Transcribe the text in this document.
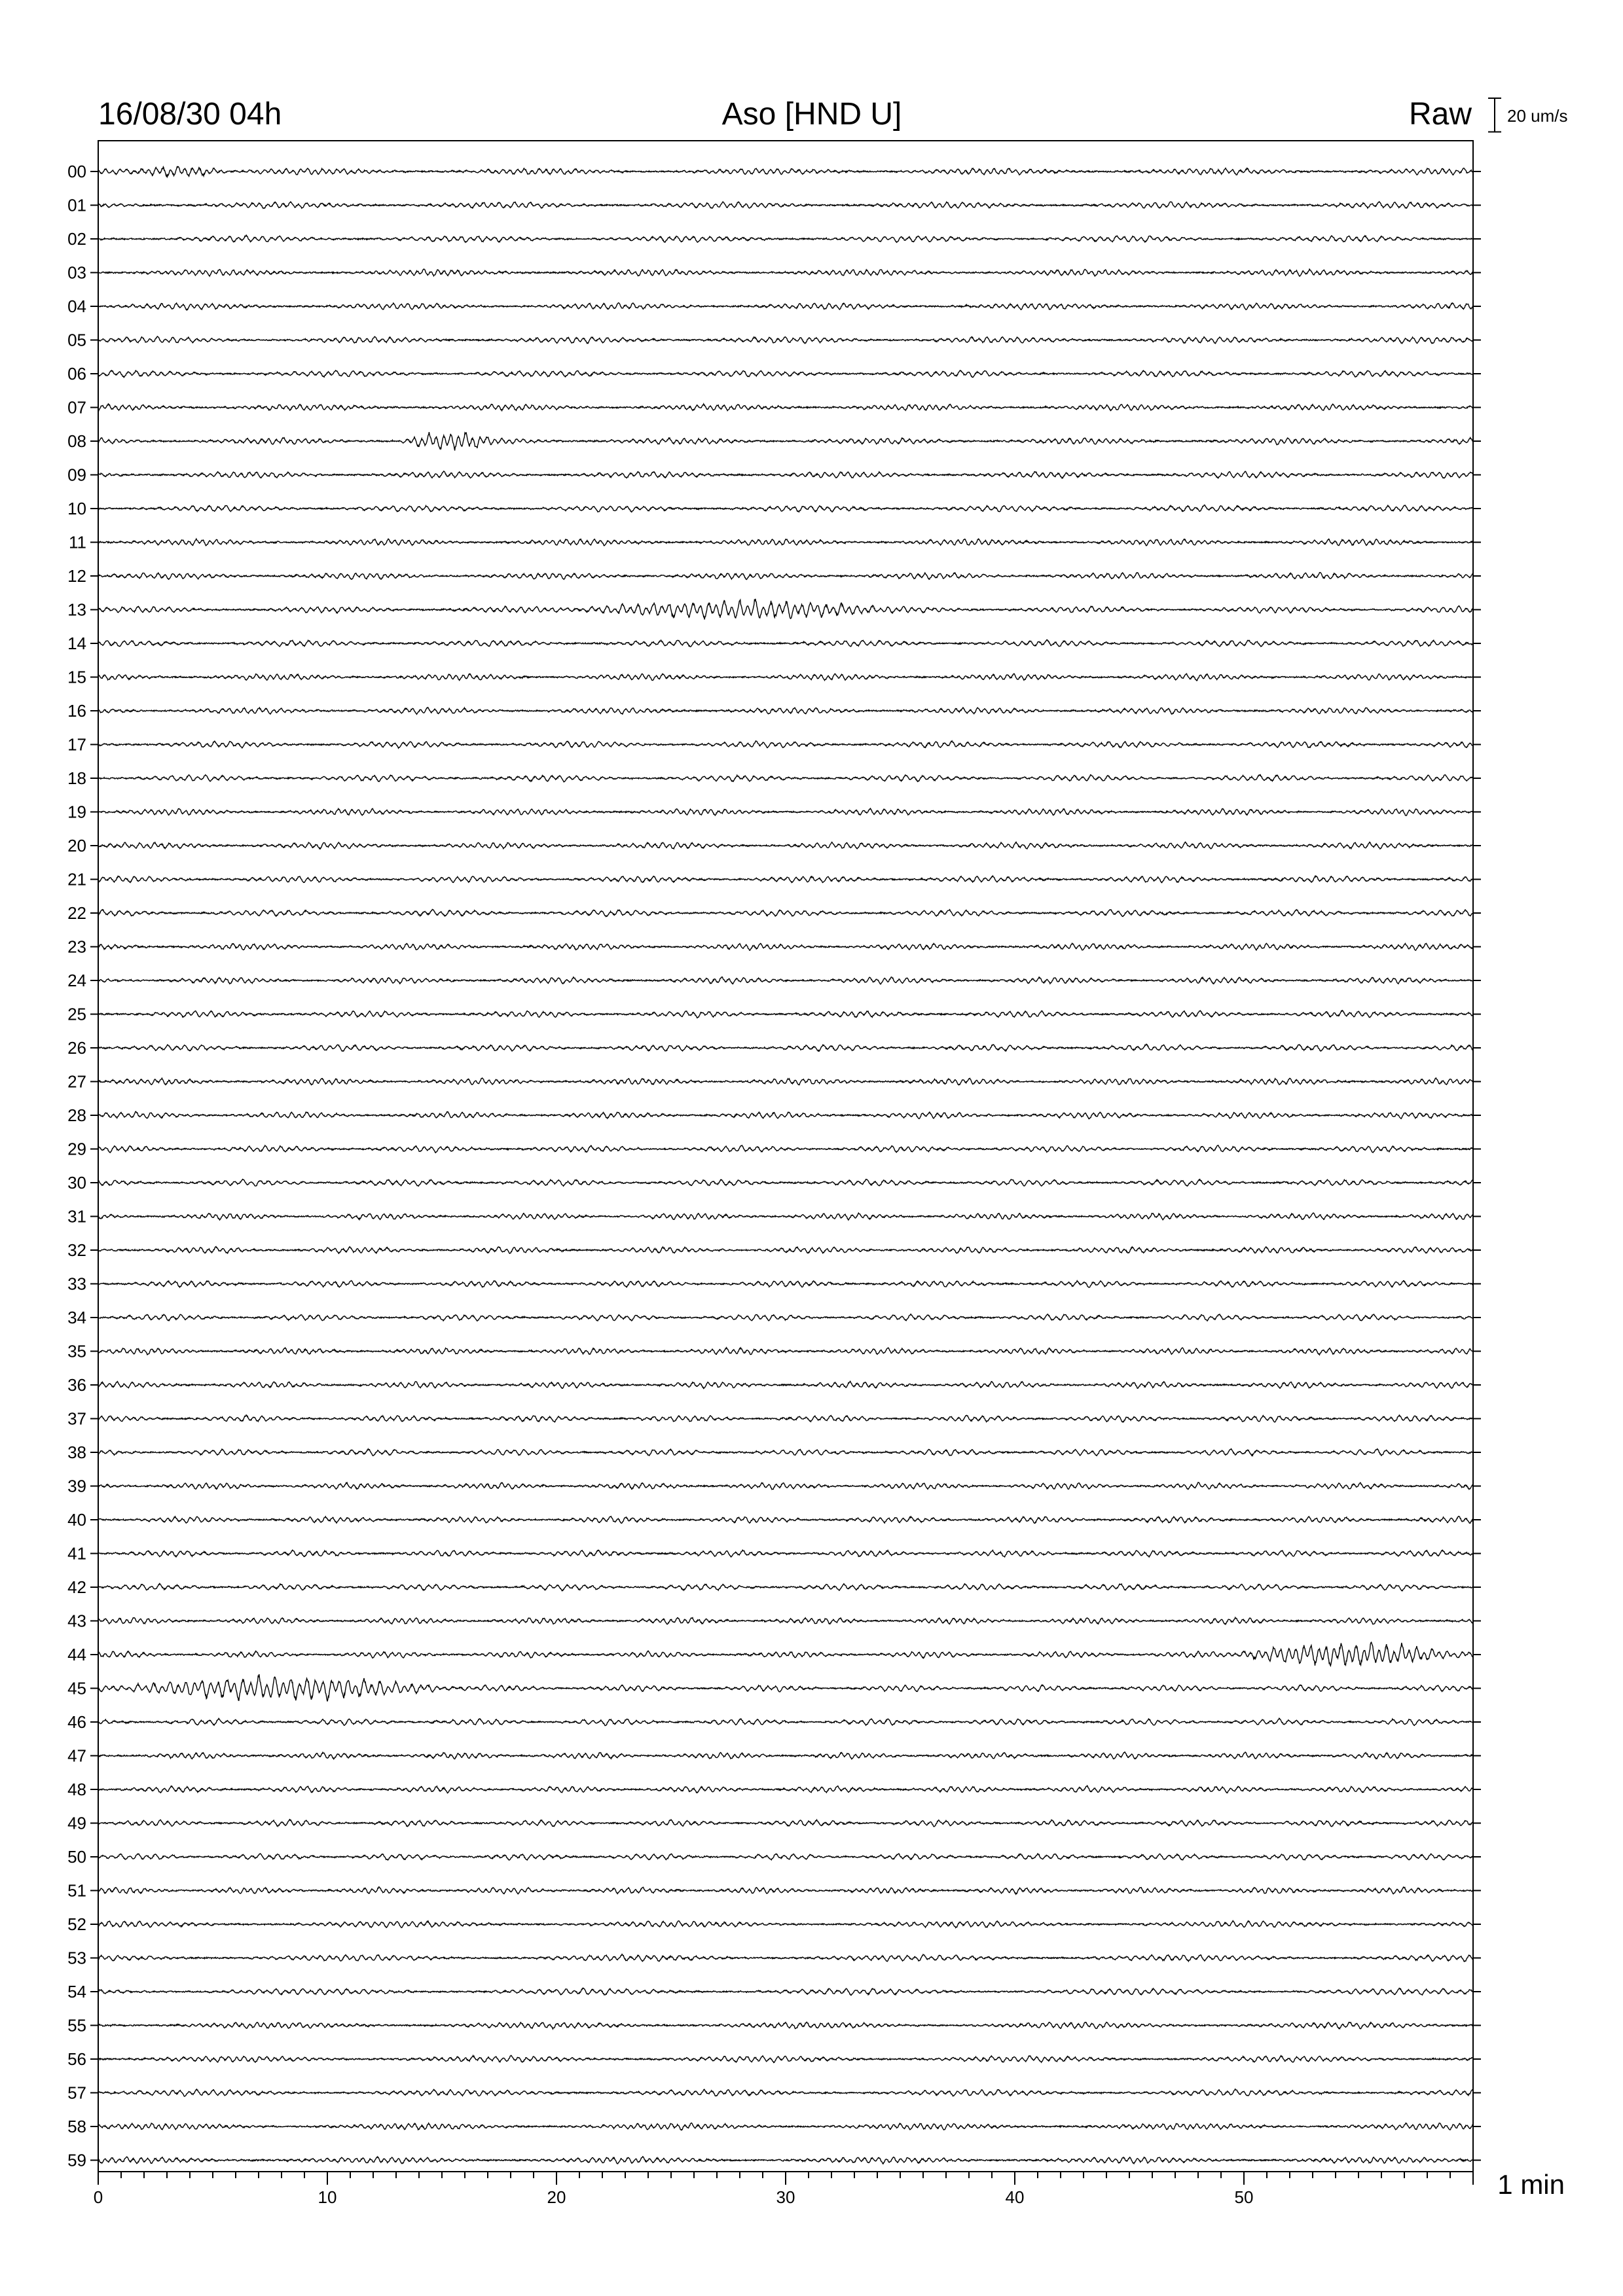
16/08/30 04h	Aso [HND U]	Raw 20 um/s
00
01
02
03
04
05
06
07
08
09
10
11
12
13
14
15
16
17
18
19
20
21
22
23
24
25
26
27
28
29
30
31
32
33
34
35
36
37
38
39
40
41
42
43
44
45
46
47
48
49
50
51
52
53
54
55
56
57
58
59
0	10	20	30	40	50	1 min
